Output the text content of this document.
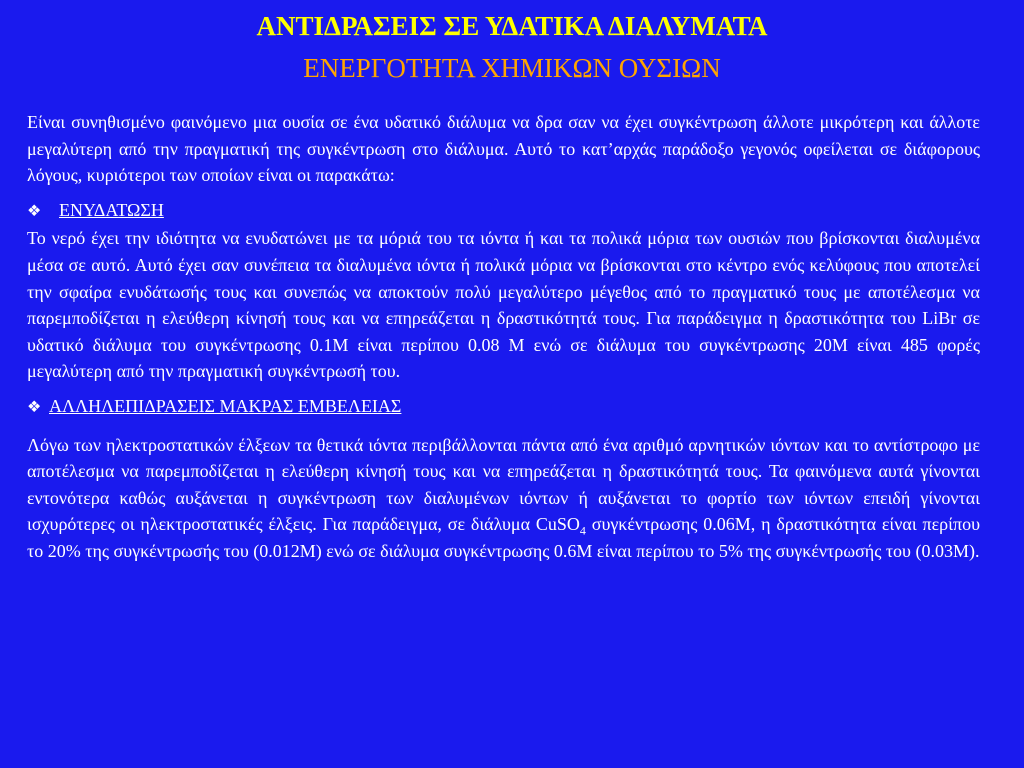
ΑΝΤΙΔΡΑΣΕΙΣ ΣΕ ΥΔΑΤΙΚΑ ΔΙΑΛΥΜΑΤΑ
ΕΝΕΡΓΟΤΗΤΑ ΧΗΜΙΚΩΝ ΟΥΣΙΩΝ

Είναι συνηθισμένο φαινόμενο μια ουσία σε ένα υδατικό διάλυμα να δρα σαν να έχει συγκέντρωση άλλοτε μικρότερη και άλλοτε μεγαλύτερη από την πραγματική της συγκέντρωση στο διάλυμα. Αυτό το κατ’αρχάς παράδοξο γεγονός οφείλεται σε διάφορους λόγους, κυριότεροι των οποίων είναι οι παρακάτω:

❖ ΕΝΥΔΑΤΩΣΗ

Το νερό έχει την ιδιότητα να ενυδατώνει με τα μόριά του τα ιόντα ή και τα πολικά μόρια των ουσιών που βρίσκονται διαλυμένα μέσα σε αυτό. Αυτό έχει σαν συνέπεια τα διαλυμένα ιόντα ή πολικά μόρια να βρίσκονται στο κέντρο ενός κελύφους που αποτελεί την σφαίρα ενυδάτωσής τους και συνεπώς να αποκτούν πολύ μεγαλύτερο μέγεθος από το πραγματικό τους με αποτέλεσμα να παρεμποδίζεται η ελεύθερη κίνησή τους και να επηρεάζεται η δραστικότητά τους. Για παράδειγμα η δραστικότητα του LiBr σε υδατικό διάλυμα του συγκέντρωσης 0.1M είναι περίπου 0.08 M ενώ σε διάλυμα του συγκέντρωσης 20M είναι 485 φορές μεγαλύτερη από την πραγματική συγκέντρωσή του.

❖ ΑΛΛΗΛΕΠΙΔΡΑΣΕΙΣ ΜΑΚΡΑΣ ΕΜΒΕΛΕΙΑΣ

Λόγω των ηλεκτροστατικών έλξεων τα θετικά ιόντα περιβάλλονται πάντα από ένα αριθμό αρνητικών ιόντων και το αντίστροφο με αποτέλεσμα να παρεμποδίζεται η ελεύθερη κίνησή τους και να επηρεάζεται η δραστικότητά τους. Τα φαινόμενα αυτά γίνονται εντονότερα καθώς αυξάνεται η συγκέντρωση των διαλυμένων ιόντων ή αυξάνεται το φορτίο των ιόντων επειδή γίνονται ισχυρότερες οι ηλεκτροστατικές έλξεις. Για παράδειγμα, σε διάλυμα CuSO$_4$ συγκέντρωσης 0.06M, η δραστικότητα είναι περίπου το 20% της συγκέντρωσής του (0.012M) ενώ σε διάλυμα συγκέντρωσης 0.6M είναι περίπου το 5% της συγκέντρωσής του (0.03M).
